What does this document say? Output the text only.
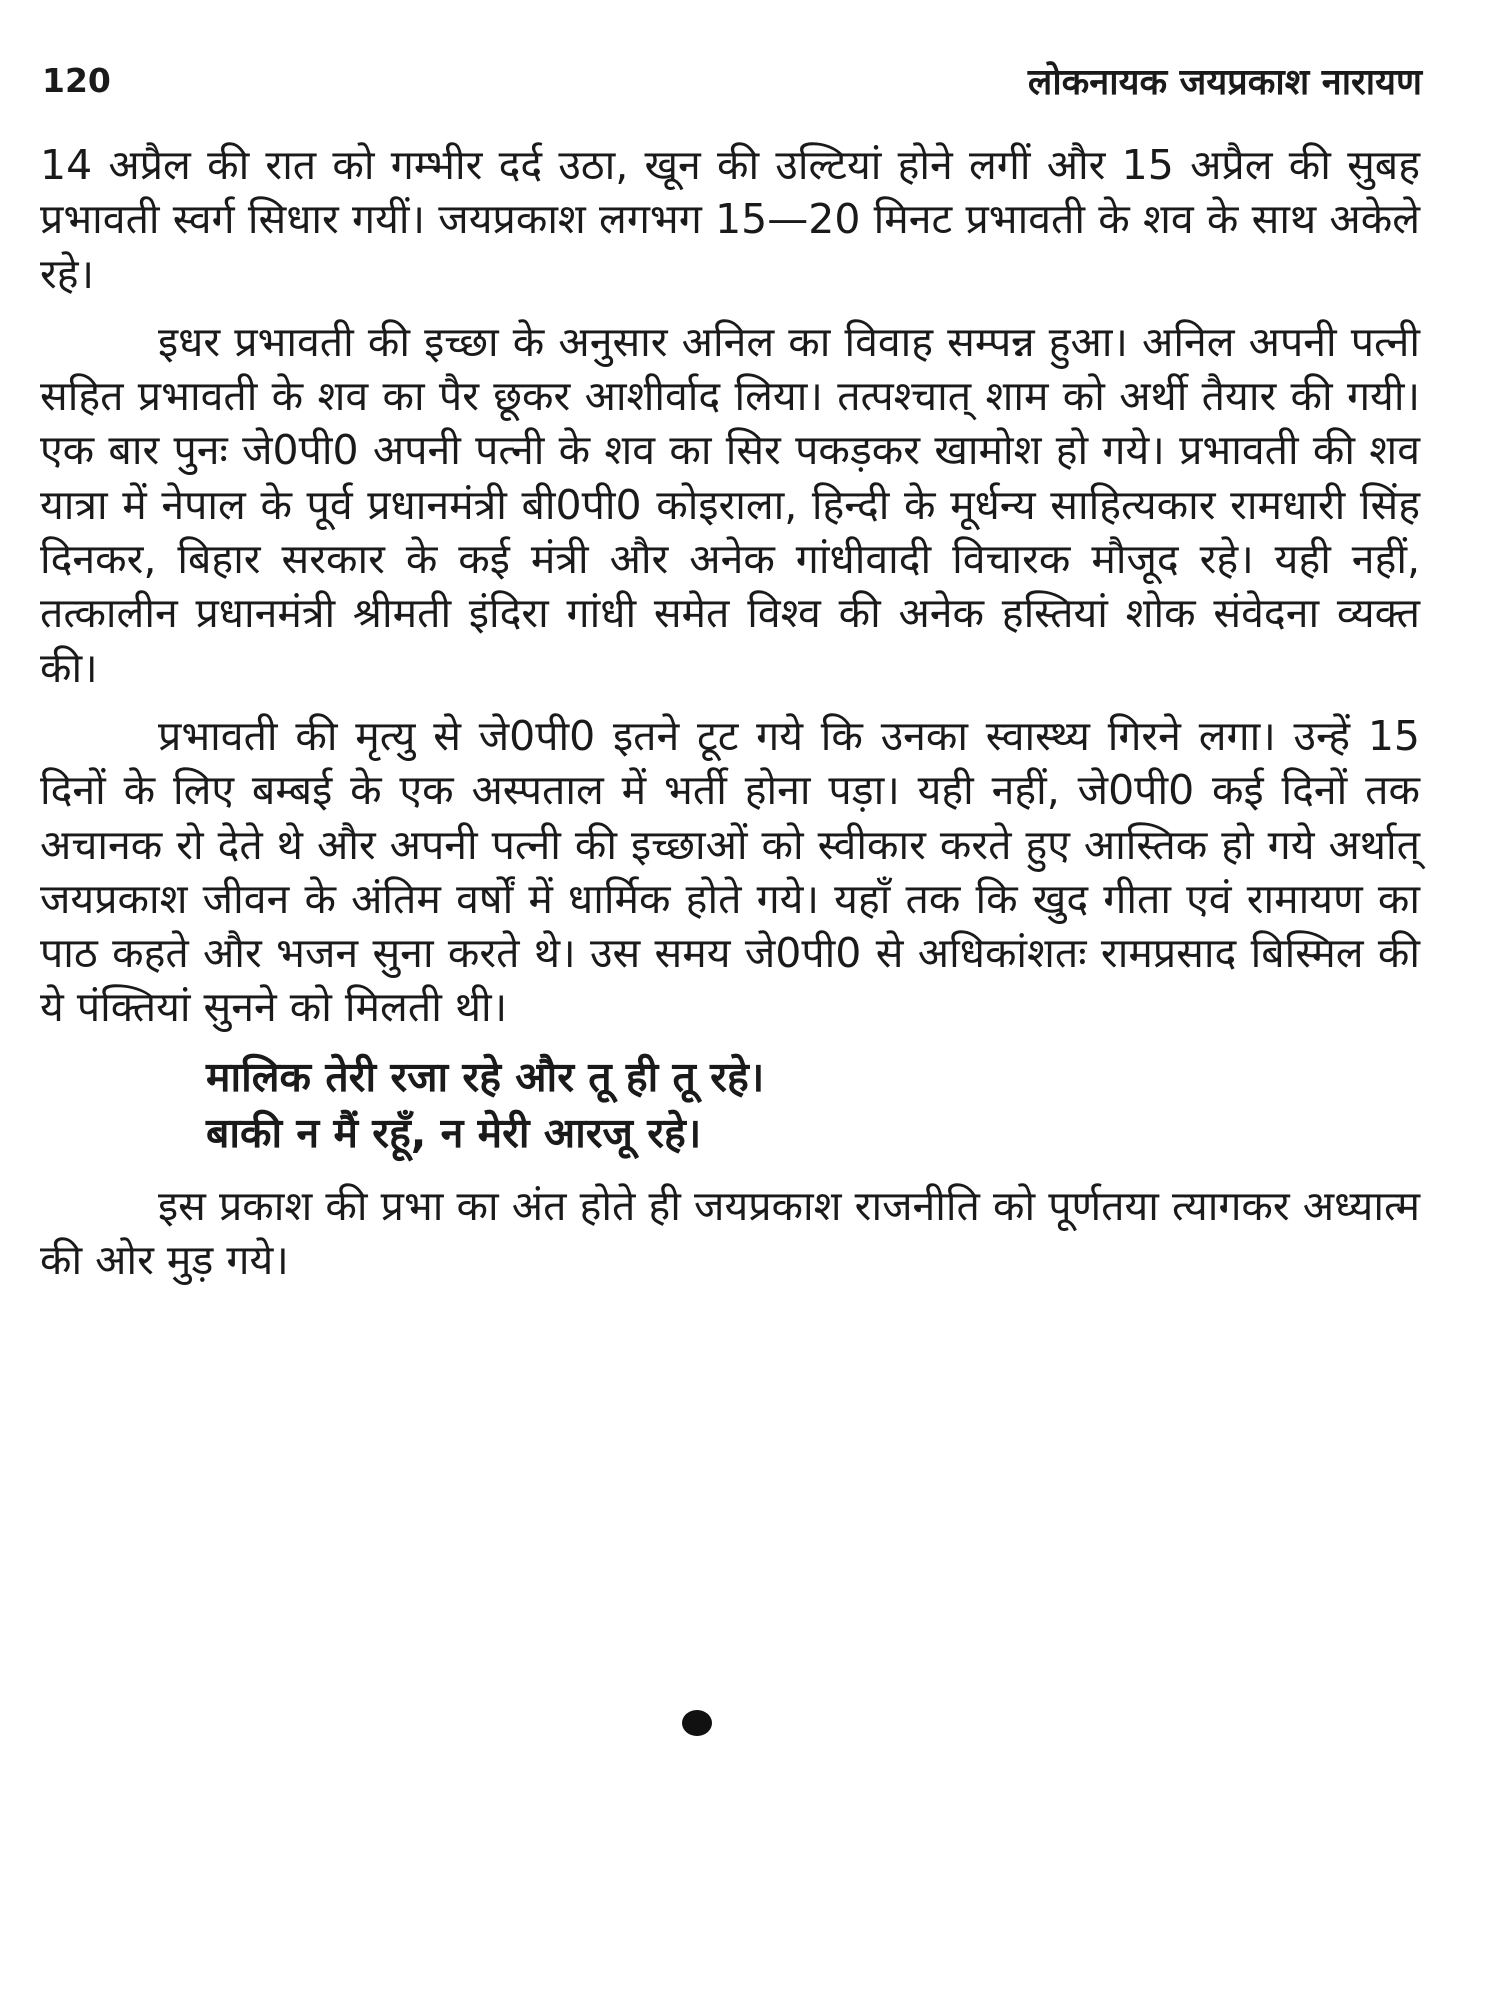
120	लोकनायक जयप्रकाश नारायण

14 अप्रैल की रात को गम्भीर दर्द उठा, खून की उल्टियां होने लगीं और 15 अप्रैल की सुबह प्रभावती स्वर्ग सिधार गयीं। जयप्रकाश लगभग 15—20 मिनट प्रभावती के शव के साथ अकेले रहे।

इधर प्रभावती की इच्छा के अनुसार अनिल का विवाह सम्पन्न हुआ। अनिल अपनी पत्नी सहित प्रभावती के शव का पैर छूकर आशीर्वाद लिया। तत्पश्चात् शाम को अर्थी तैयार की गयी। एक बार पुनः जे0पी0 अपनी पत्नी के शव का सिर पकड़कर खामोश हो गये। प्रभावती की शव यात्रा में नेपाल के पूर्व प्रधानमंत्री बी0पी0 कोइराला, हिन्दी के मूर्धन्य साहित्यकार रामधारी सिंह दिनकर, बिहार सरकार के कई मंत्री और अनेक गांधीवादी विचारक मौजूद रहे। यही नहीं, तत्कालीन प्रधानमंत्री श्रीमती इंदिरा गांधी समेत विश्व की अनेक हस्तियां शोक संवेदना व्यक्त की।

प्रभावती की मृत्यु से जे0पी0 इतने टूट गये कि उनका स्वास्थ्य गिरने लगा। उन्हें 15 दिनों के लिए बम्बई के एक अस्पताल में भर्ती होना पड़ा। यही नहीं, जे0पी0 कई दिनों तक अचानक रो देते थे और अपनी पत्नी की इच्छाओं को स्वीकार करते हुए आस्तिक हो गये अर्थात् जयप्रकाश जीवन के अंतिम वर्षों में धार्मिक होते गये। यहाँ तक कि खुद गीता एवं रामायण का पाठ कहते और भजन सुना करते थे। उस समय जे0पी0 से अधिकांशतः रामप्रसाद बिस्मिल की ये पंक्तियां सुनने को मिलती थी।

मालिक तेरी रजा रहे और तू ही तू रहे।
बाकी न मैं रहूँ, न मेरी आरजू रहे।

इस प्रकाश की प्रभा का अंत होते ही जयप्रकाश राजनीति को पूर्णतया त्यागकर अध्यात्म की ओर मुड़ गये।
